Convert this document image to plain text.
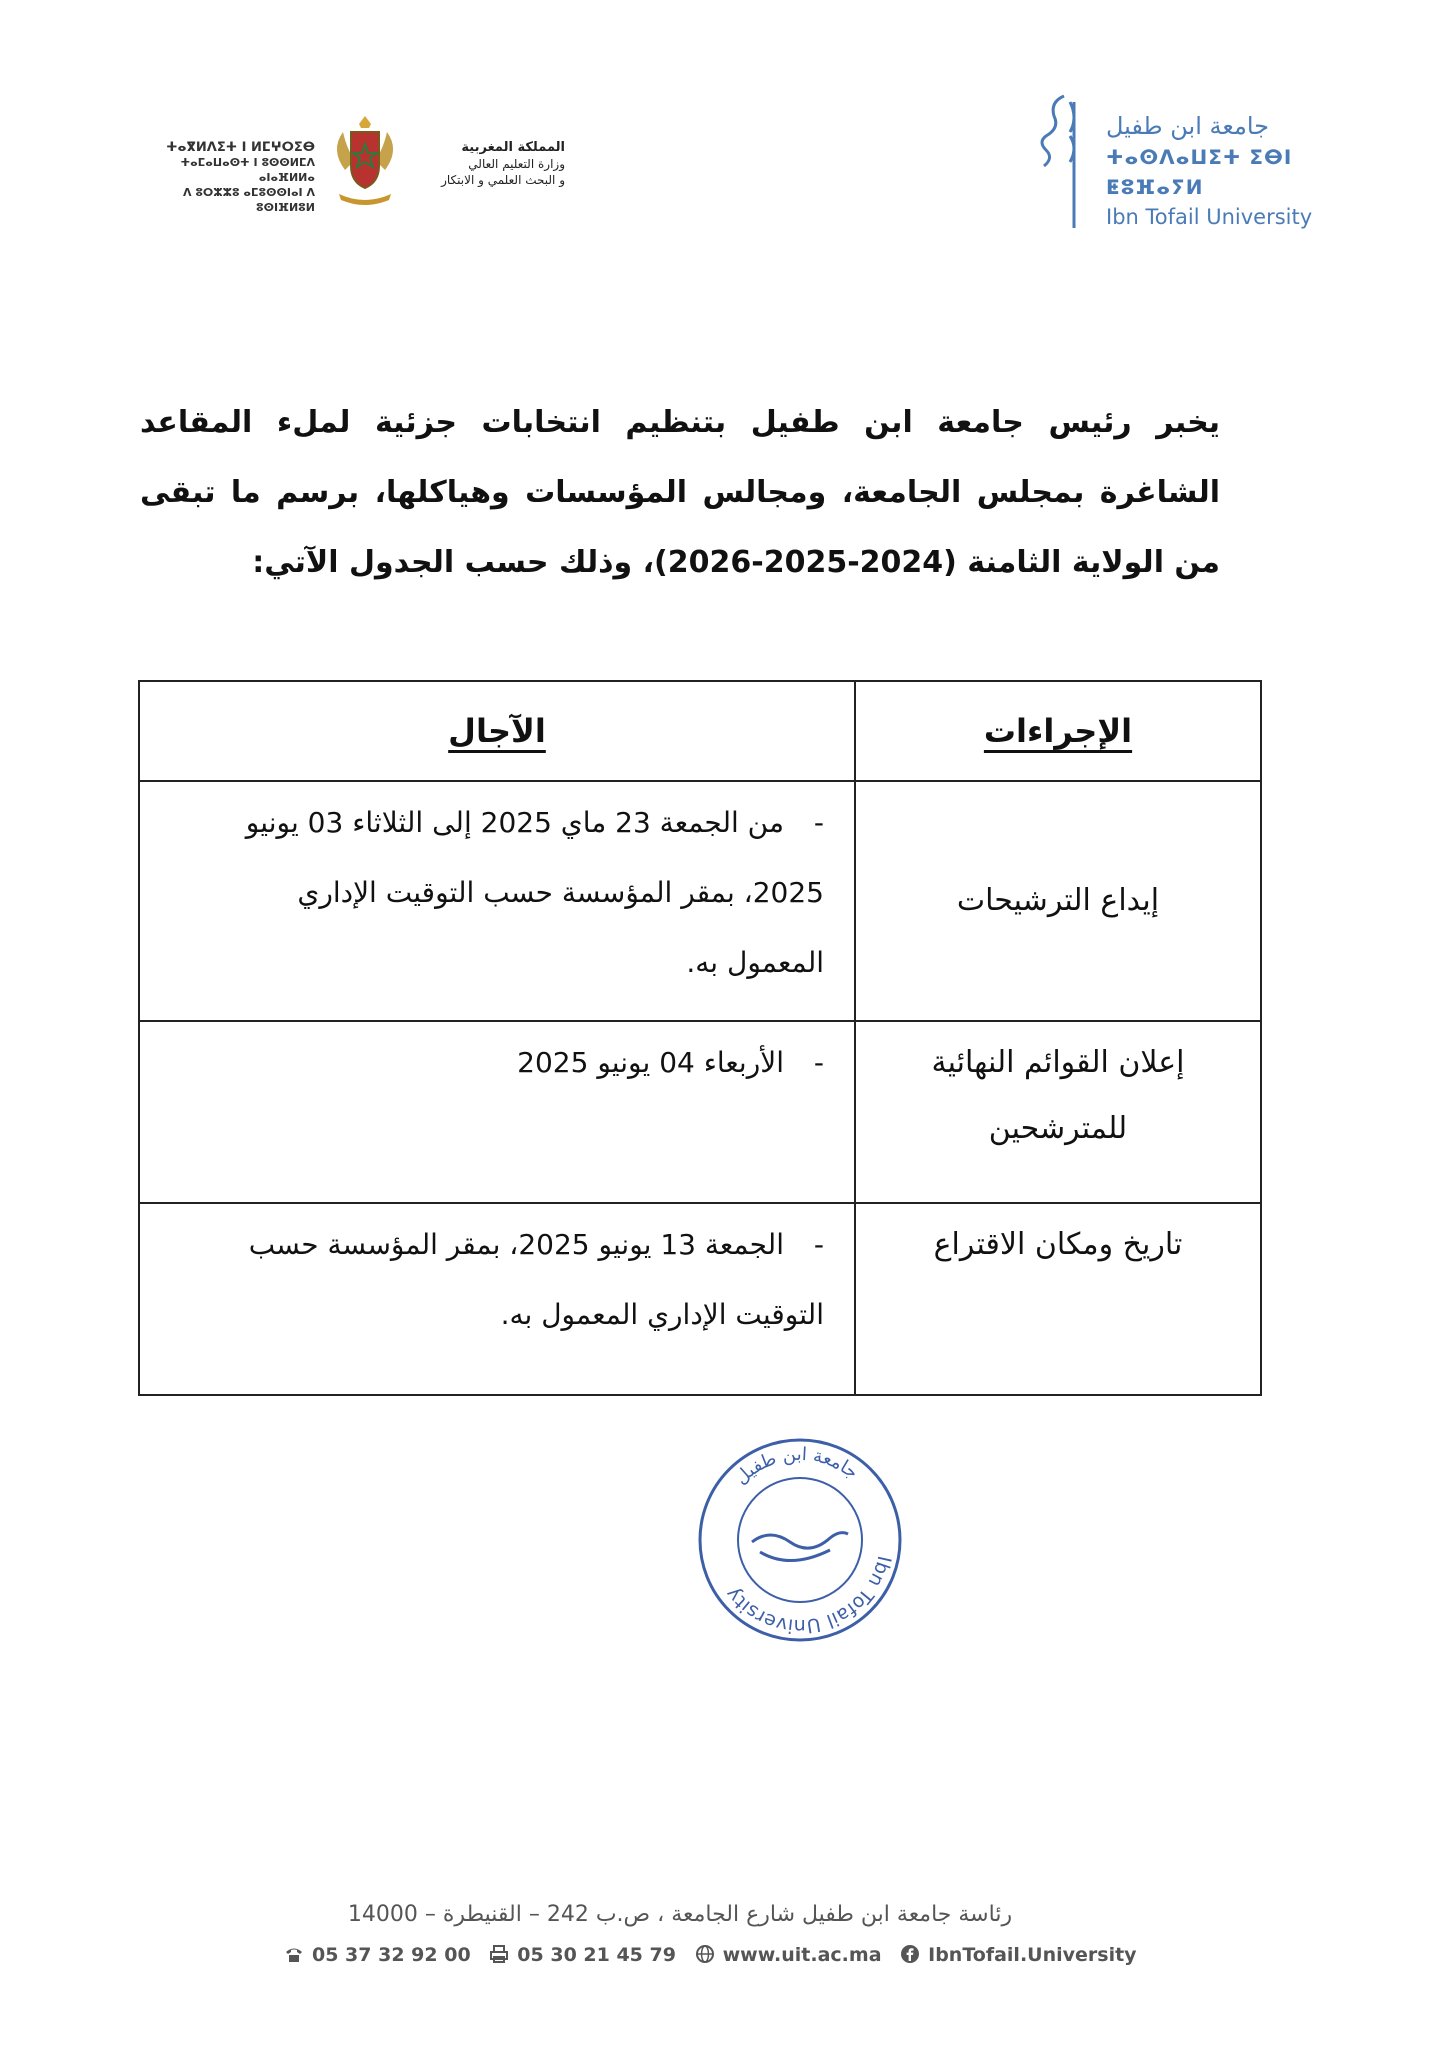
ⵜⴰⴳⵍⴷⵉⵜ ⵏ ⵍⵎⵖⵔⵉⴱ
ⵜⴰⵎⴰⵡⴰⵙⵜ ⵏ ⵓⵙⵙⵍⵎⴷ ⴰⵏⴰⴼⵍⵍⴰ
ⴷ ⵓⵔⵣⵣⵓ ⴰⵎⵓⵙⵙⵏⴰⵏ ⴷ ⵓⵙⵏⴼⵍⵓⵍ
المملكة المغربية
وزارة التعليم العالي
و البحث العلمي و الابتكار
جامعة ابن طفيل
ⵜⴰⵙⴷⴰⵡⵉⵜ ⵉⴱⵏ ⵟⵓⴼⴰⵢⵍ
Ibn Tofail University
يخبر رئيس جامعة ابن طفيل بتنظيم انتخابات جزئية لملء المقاعد الشاغرة بمجلس الجامعة، ومجالس المؤسسات وهياكلها، برسم ما تبقى من الولاية الثامنة (2024-2025-2026)، وذلك حسب الجدول الآتي:
الإجراءات	الآجال
إيداع الترشيحات	-من الجمعة 23 ماي 2025 إلى الثلاثاء 03 يونيو 2025، بمقر المؤسسة حسب التوقيت الإداري المعمول به.
إعلان القوائم النهائية للمترشحين	-الأربعاء 04 يونيو 2025
تاريخ ومكان الاقتراع	-الجمعة 13 يونيو 2025، بمقر المؤسسة حسب التوقيت الإداري المعمول به.
Ibn Tofail University
جامعة ابن طفيل
رئاسة جامعة ابن طفيل شارع الجامعة ، ص.ب 242 – القنيطرة – 14000
05 37 32 92 00 05 30 21 45 79 www.uit.ac.ma IbnTofail.University
